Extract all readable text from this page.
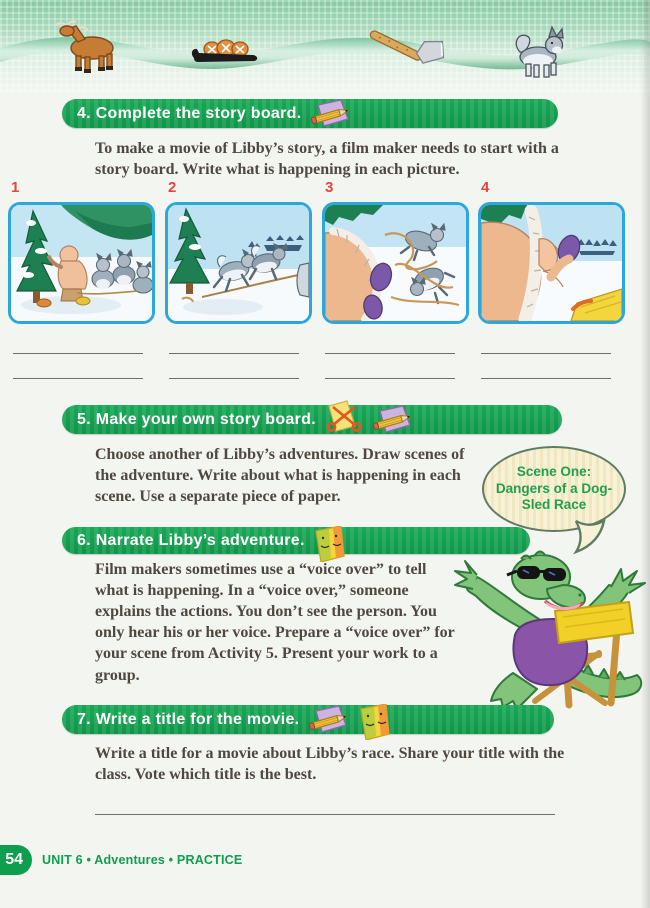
4. Complete the story board.
To make a movie of Libby’s story, a film maker needs to start with a story board. Write what is happening in each picture.
1	2	3	4
5. Make your own story board.
Choose another of Libby’s adventures. Draw scenes of the adventure. Write about what is happening in each scene. Use a separate piece of paper.
Scene One:
Dangers of a Dog-
Sled Race
6. Narrate Libby’s adventure.
Film makers sometimes use a “voice over” to tell what is happening. In a “voice over,” someone explains the actions. You don’t see the person. You only hear his or her voice. Prepare a “voice over” for your scene from Activity 5. Present your work to a group.
7. Write a title for the movie.
Write a title for a movie about Libby’s race. Share your title with the class. Vote which title is the best.
54 UNIT 6 • Adventures • PRACTICE
